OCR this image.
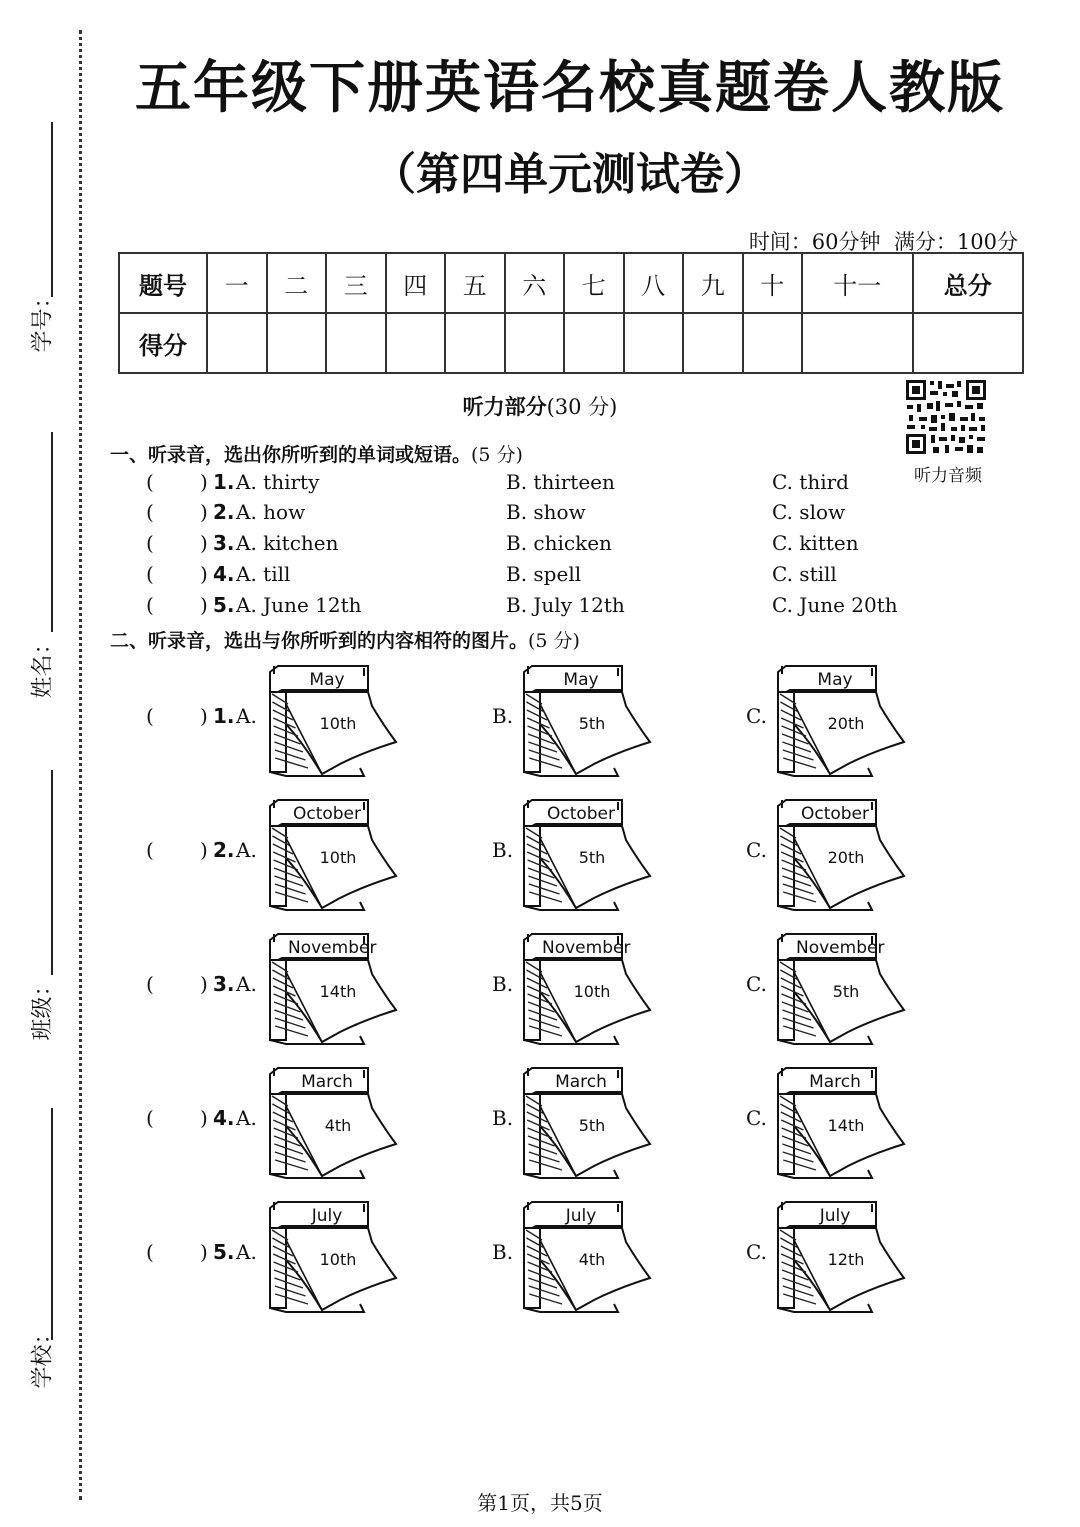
学号：
姓名：
班级：
学校：
五年级下册英语名校真题卷人教版
（第四单元测试卷）
时间：60分钟 满分：100分
题号	一	二	三	四	五	六	七	八	九	十	十一	总分
得分												
听力部分(30 分)
听力音频
一、听录音，选出你所听到的单词或短语。(5 分)
( ) 1. A. thirty	B. thirteen	C. third
( ) 2. A. how	B. show	C. slow
( ) 3. A. kitchen	B. chicken	C. kitten
( ) 4. A. till	B. spell	C. still
( ) 5. A. June 12th	B. July 12th	C. June 20th
二、听录音，选出与你所听到的内容相符的图片。(5 分)
( ) 1. A.
May
10th	B.
May
5th	C.
May
20th
( ) 2. A.
October
10th	B.
October
5th	C.
October
20th
( ) 3. A.
November
14th	B.
November
10th	C.
November
5th
( ) 4. A.
March
4th	B.
March
5th	C.
March
14th
( ) 5. A.
July
10th	B.
July
4th	C.
July
12th
第1页，共5页
